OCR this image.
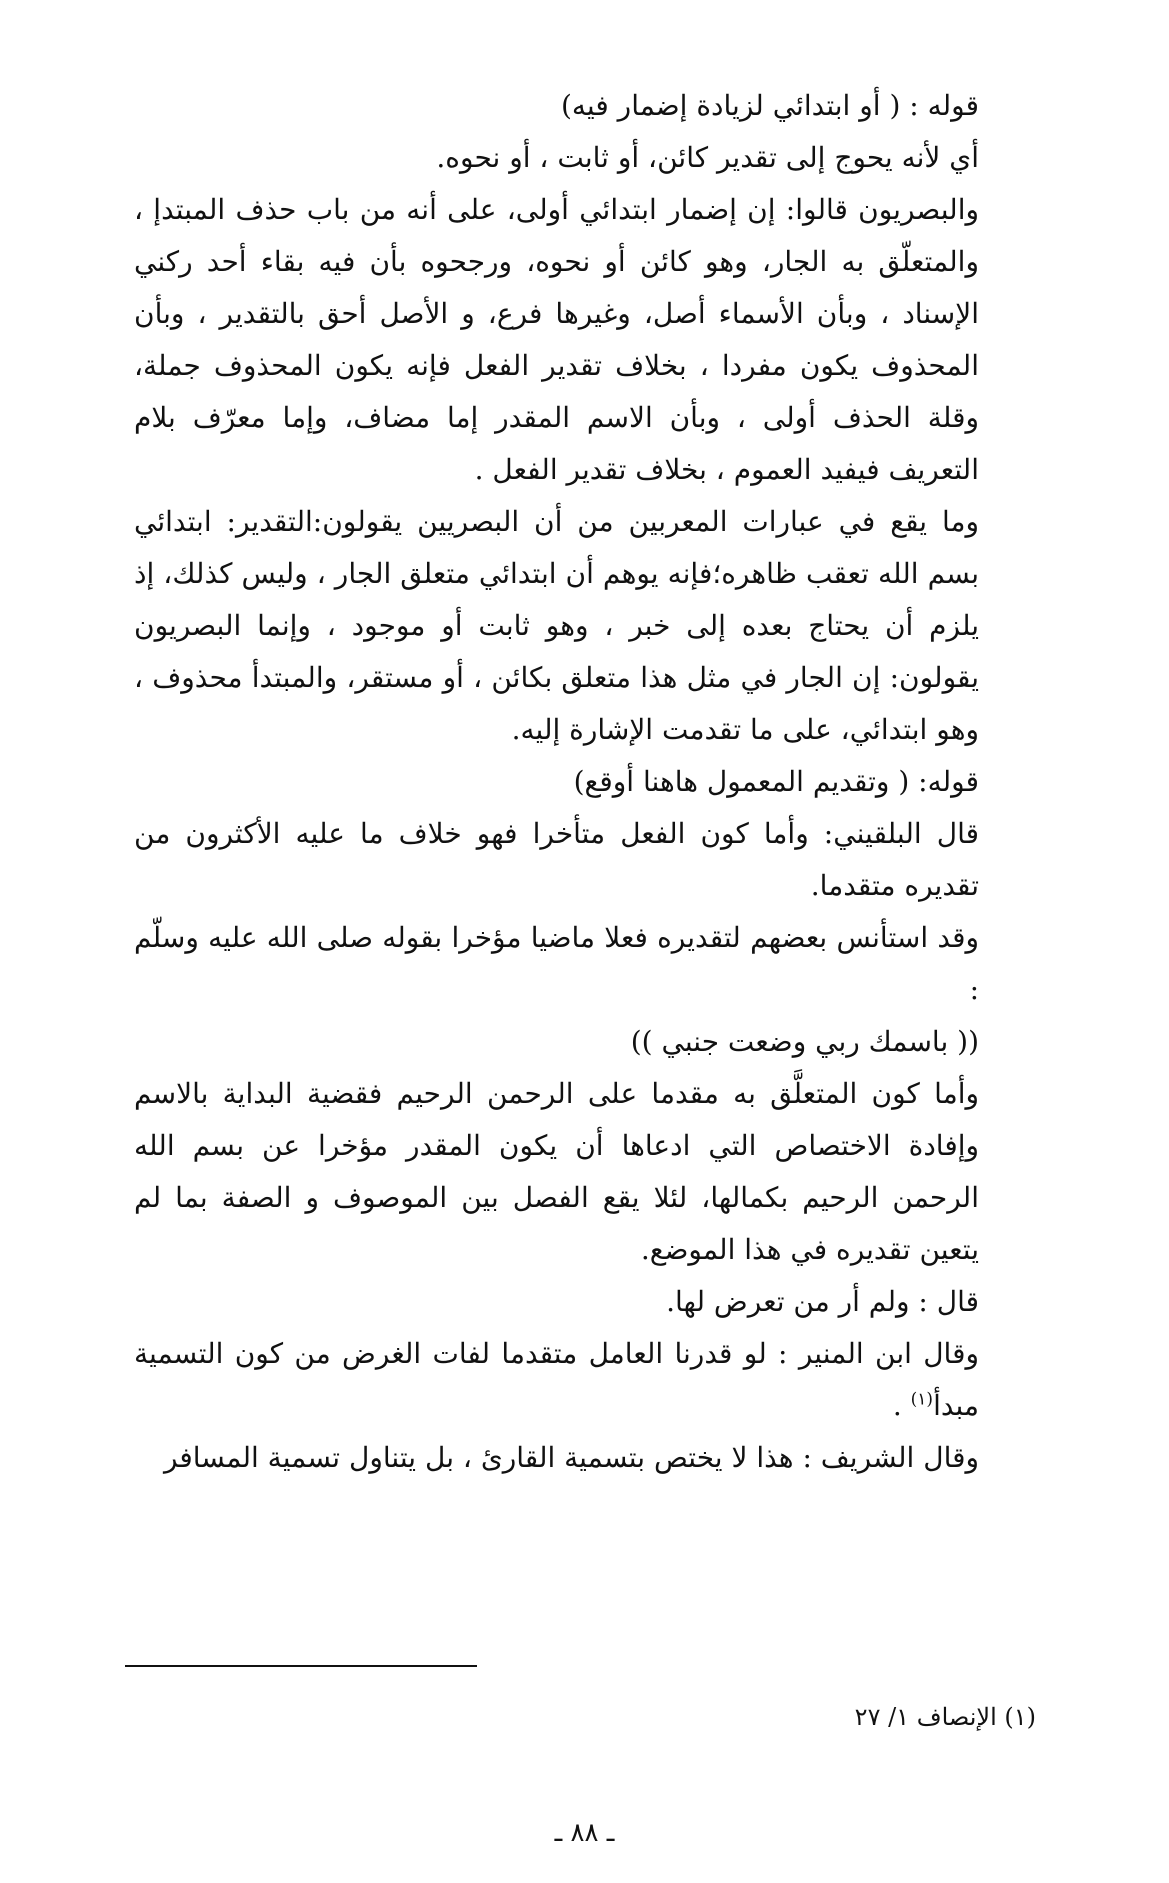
قوله : ( أو ابتدائي لزيادة إضمار فيه)

أي لأنه يحوج إلى تقدير كائن، أو ثابت ، أو نحوه.

والبصريون قالوا: إن إضمار ابتدائي أولى، على أنه من باب حذف المبتدإ ، والمتعلّق به الجار، وهو كائن أو نحوه، ورجحوه بأن فيه بقاء أحد ركني الإسناد ، وبأن الأسماء أصل، وغيرها فرع، و الأصل أحق بالتقدير ، وبأن المحذوف يكون مفردا ، بخلاف تقدير الفعل فإنه يكون المحذوف جملة، وقلة الحذف أولى ، وبأن الاسم المقدر إما مضاف، وإما معرّف بلام التعريف فيفيد العموم ، بخلاف تقدير الفعل .

وما يقع في عبارات المعربين من أن البصريين يقولون:التقدير: ابتدائي بسم الله تعقب ظاهره؛فإنه يوهم أن ابتدائي متعلق الجار ، وليس كذلك، إذ يلزم أن يحتاج بعده إلى خبر ، وهو ثابت أو موجود ، وإنما البصريون يقولون: إن الجار في مثل هذا متعلق بكائن ، أو مستقر، والمبتدأ محذوف ، وهو ابتدائي، على ما تقدمت الإشارة إليه.

قوله: ( وتقديم المعمول هاهنا أوقع)

قال البلقيني: وأما كون الفعل متأخرا فهو خلاف ما عليه الأكثرون من تقديره متقدما.

وقد استأنس بعضهم لتقديره فعلا ماضيا مؤخرا بقوله صلى الله عليه وسلّم :

(( باسمك ربي وضعت جنبي ))

وأما كون المتعلَّق به مقدما على الرحمن الرحيم فقضية البداية بالاسم وإفادة الاختصاص التي ادعاها أن يكون المقدر مؤخرا عن بسم الله الرحمن الرحيم بكمالها، لئلا يقع الفصل بين الموصوف و الصفة بما لم يتعين تقديره في هذا الموضع.

قال : ولم أر من تعرض لها.

وقال ابن المنير : لو قدرنا العامل متقدما لفات الغرض من كون التسمية مبدأ$^{(١)}$ .

وقال الشريف : هذا لا يختص بتسمية القارئ ، بل يتناول تسمية المسافر

(١) الإنصاف ١/ ٢٧
ـ ٨٨ ـ
